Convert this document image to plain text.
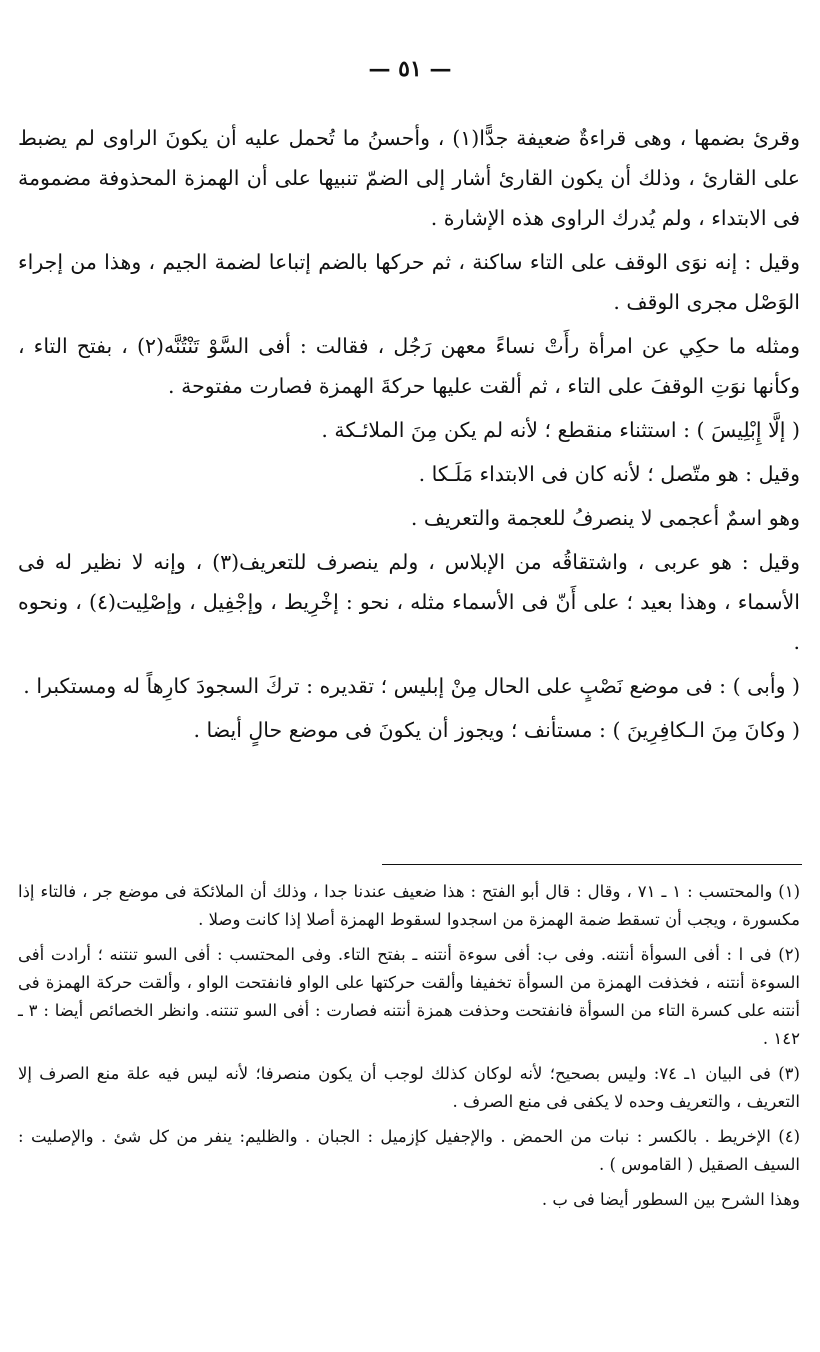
— ٥١ —

وقرئ بضمها ، وهى قراءةٌ ضعيفة جدًّا(١) ، وأحسنُ ما تُحمل عليه أن يكونَ الراوى لم يضبط على القارئ ، وذلك أن يكون القارئ أشار إلى الضمّ تنبيها على أن الهمزة المحذوفة مضمومة فى الابتداء ، ولم يُدرك الراوى هذه الإشارة .

وقيل : إنه نوَى الوقف على التاء ساكنة ، ثم حركها بالضم إتباعا لضمة الجيم ، وهذا من إجراء الوَصْل مجرى الوقف .

ومثله ما حكِي عن امرأة رأَتْ نساءً معهن رَجُل ، فقالت : أفى السَّوْ تَنْتُنَّه(٢) ، بفتح التاء ، وكأنها نوَتِ الوقفَ على التاء ، ثم ألقت عليها حركةَ الهمزة فصارت مفتوحة .

( إلَّا إِبْلِيسَ ) : استثناء منقطع ؛ لأنه لم يكن مِنَ الملائـكة .

وقيل : هو متّصل ؛ لأنه كان فى الابتداء مَلَـكا .

وهو اسمٌ أعجمى لا ينصرفُ للعجمة والتعريف .

وقيل : هو عربى ، واشتقاقُه من الإبلاس ، ولم ينصرف للتعريف(٣) ، وإنه لا نظير له فى الأسماء ، وهذا بعيد ؛ على أَنّ فى الأسماء مثله ، نحو : إخْرِيط ، وإجْفِيل ، وإصْلِيت(٤) ، ونحوه .

( وأبى ) : فى موضع نَصْبٍ على الحال مِنْ إبليس ؛ تقديره : تركَ السجودَ كارِهاً له ومستكبرا .

( وكانَ مِنَ الـكافِرِينَ ) : مستأنف ؛ ويجوز أن يكونَ فى موضع حالٍ أيضا .

(١) والمحتسب : ١ ـ ٧١ ، وقال : قال أبو الفتح : هذا ضعيف عندنا جدا ، وذلك أن الملائكة فى موضع جر ، فالتاء إذا مكسورة ، ويجب أن تسقط ضمة الهمزة من اسجدوا لسقوط الهمزة أصلا إذا كانت وصلا .

(٢) فى ا : أفى السوأة أنتنه. وفى ب: أفى سوءة أنتنه ـ بفتح التاء. وفى المحتسب : أفى السو تنتنه ؛ أرادت أفى السوءة أنتنه ، فخذفت الهمزة من السوأة تخفيفا وألقت حركتها على الواو فانفتحت الواو ، وألقت حركة الهمزة فى أنتنه على كسرة التاء من السوأة فانفتحت وحذفت همزة أنتنه فصارت : أفى السو تنتنه. وانظر الخصائص أيضا : ٣ ـ ١٤٢ .

(٣) فى البيان ١ـ ٧٤: وليس بصحيح؛ لأنه لوكان كذلك لوجب أن يكون منصرفا؛ لأنه ليس فيه علة منع الصرف إلا التعريف ، والتعريف وحده لا يكفى فى منع الصرف .

(٤) الإخريط . بالكسر : نبات من الحمض . والإجفيل كإزميل : الجبان . والظليم: ينفر من كل شئ . والإصليت : السيف الصقيل ( القاموس ) .

وهذا الشرح بين السطور أيضا فى ب .
